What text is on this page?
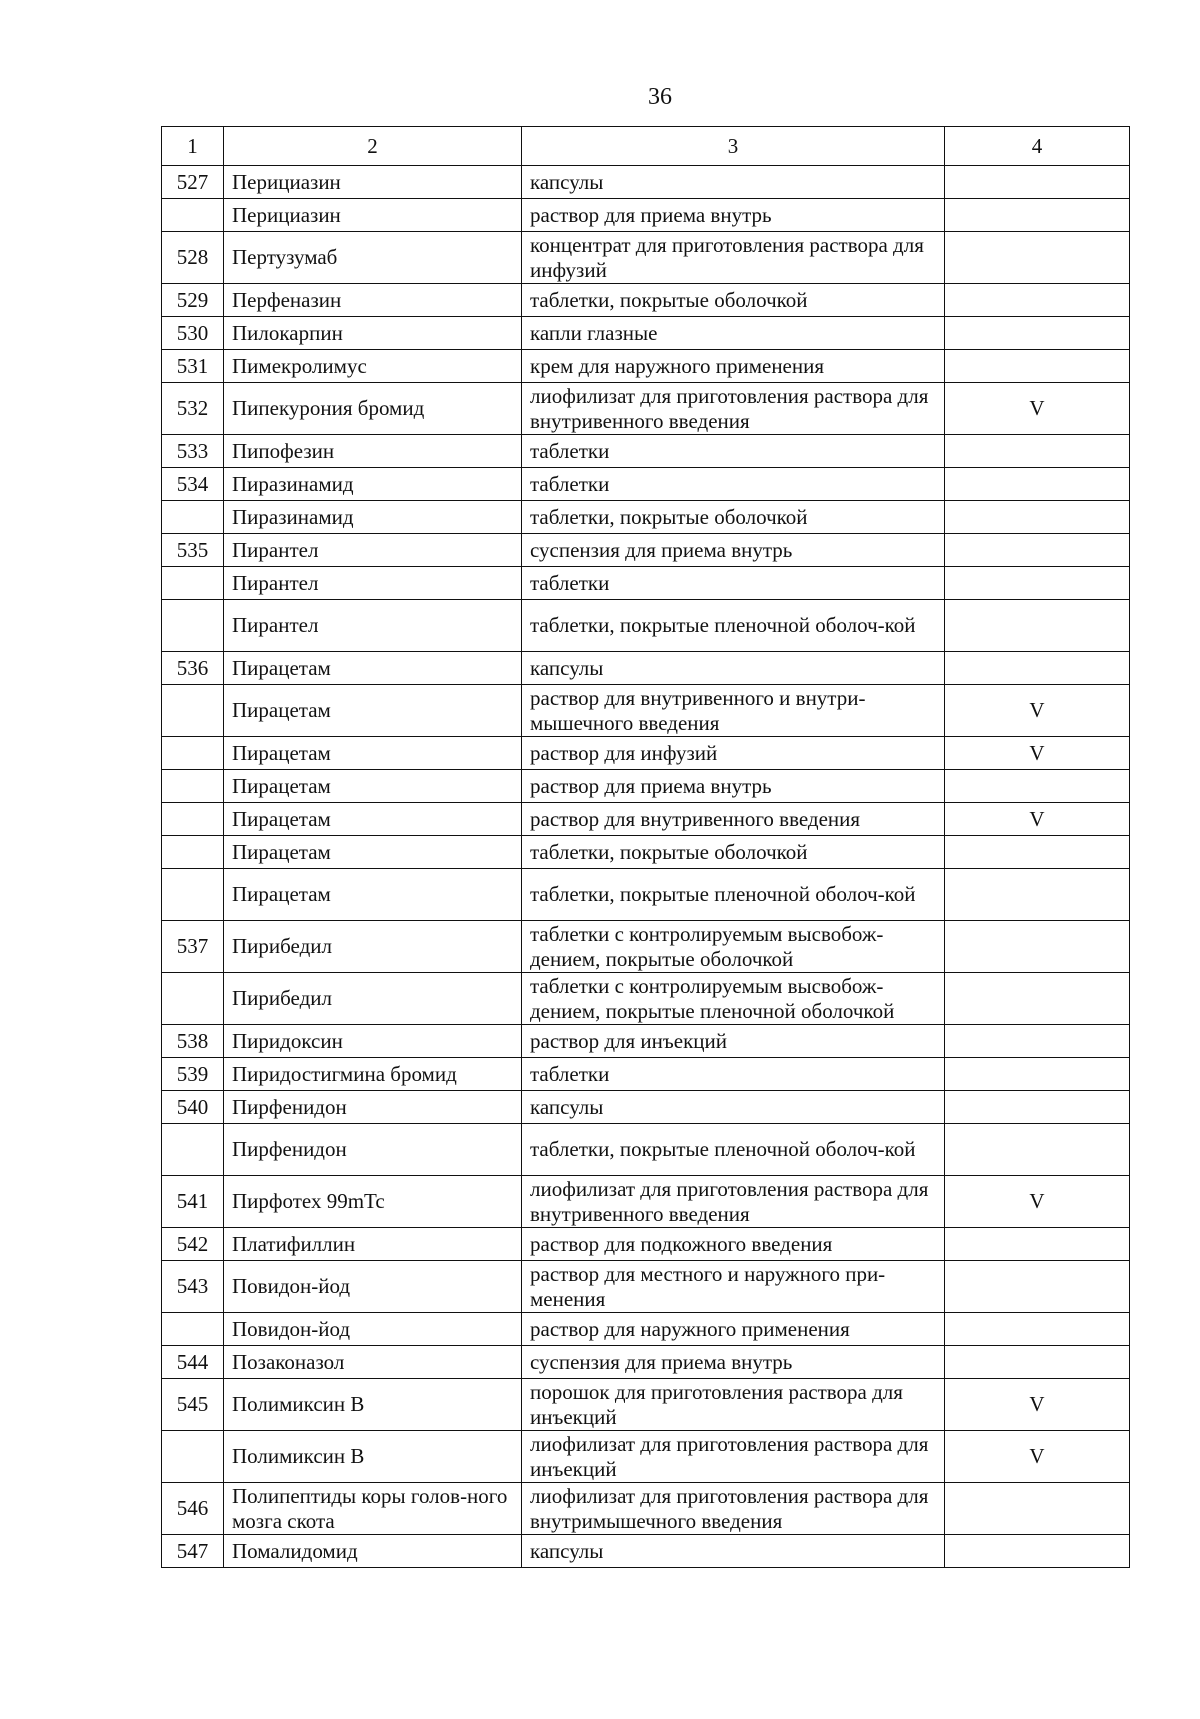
36
1	2	3	4
527	Перициазин	капсулы	
	Перициазин	раствор для приема внутрь	
528	Пертузумаб	концентрат для приготовления раствора для инфузий	
529	Перфеназин	таблетки, покрытые оболочкой	
530	Пилокарпин	капли глазные	
531	Пимекролимус	крем для наружного применения	
532	Пипекурония бромид	лиофилизат для приготовления раствора для внутривенного введения	V
533	Пипофезин	таблетки	
534	Пиразинамид	таблетки	
	Пиразинамид	таблетки, покрытые оболочкой	
535	Пирантел	суспензия для приема внутрь	
	Пирантел	таблетки	
	Пирантел	таблетки, покрытые пленочной оболоч-кой	
536	Пирацетам	капсулы	
	Пирацетам	раствор для внутривенного и внутри-мышечного введения	V
	Пирацетам	раствор для инфузий	V
	Пирацетам	раствор для приема внутрь	
	Пирацетам	раствор для внутривенного введения	V
	Пирацетам	таблетки, покрытые оболочкой	
	Пирацетам	таблетки, покрытые пленочной оболоч-кой	
537	Пирибедил	таблетки с контролируемым высвобож-дением, покрытые оболочкой	
	Пирибедил	таблетки с контролируемым высвобож-дением, покрытые пленочной оболочкой	
538	Пиридоксин	раствор для инъекций	
539	Пиридостигмина бромид	таблетки	
540	Пирфенидон	капсулы	
	Пирфенидон	таблетки, покрытые пленочной оболоч-кой	
541	Пирфотех 99mTc	лиофилизат для приготовления раствора для внутривенного введения	V
542	Платифиллин	раствор для подкожного введения	
543	Повидон-йод	раствор для местного и наружного при-менения	
	Повидон-йод	раствор для наружного применения	
544	Позаконазол	суспензия для приема внутрь	
545	Полимиксин В	порошок для приготовления раствора для инъекций	V
	Полимиксин В	лиофилизат для приготовления раствора для инъекций	V
546	Полипептиды коры голов-ного мозга скота	лиофилизат для приготовления раствора для внутримышечного введения	
547	Помалидомид	капсулы	
